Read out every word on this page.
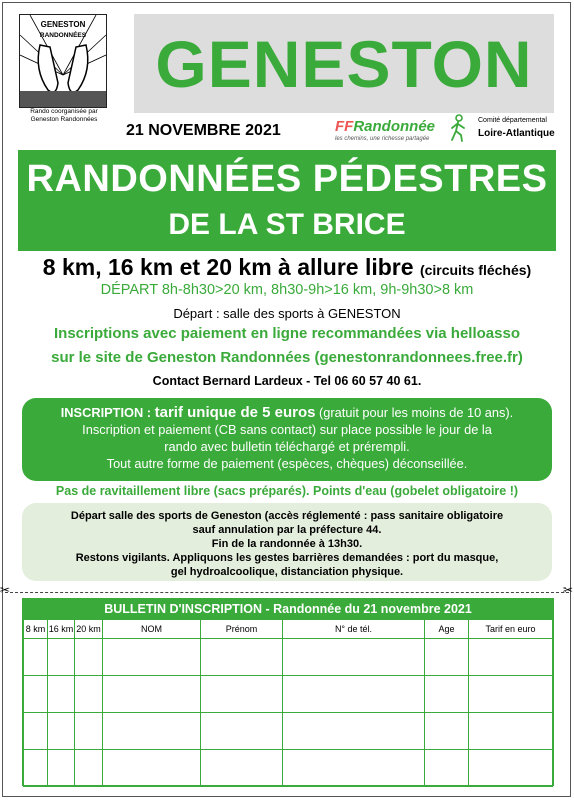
GENESTON
RANDONNÉES
Rando coorganisée par
Geneston Randonnées
GENESTON
21 NOVEMBRE 2021	FFRandonnée
les chemins, une richesse partagée
Comité départemental
Loire-Atlantique
RANDONNÉES PÉDESTRES
DE LA ST BRICE
8 km, 16 km et 20 km à allure libre (circuits fléchés)
DÉPART 8h-8h30>20 km, 8h30-9h>16 km, 9h-9h30>8 km
Départ : salle des sports à GENESTON
Inscriptions avec paiement en ligne recommandées via helloasso
sur le site de Geneston Randonnées (genestonrandonnees.free.fr)
Contact Bernard Lardeux - Tel 06 60 57 40 61.
INSCRIPTION : tarif unique de 5 euros (gratuit pour les moins de 10 ans).
Inscription et paiement (CB sans contact) sur place possible le jour de la
rando avec bulletin téléchargé et prérempli.
Tout autre forme de paiement (espèces, chèques) déconseillée.
Pas de ravitaillement libre (sacs préparés). Points d'eau (gobelet obligatoire !)
Départ salle des sports de Geneston (accès réglementé : pass sanitaire obligatoire
sauf annulation par la préfecture 44.
Fin de la randonnée à 13h30.
Restons vigilants. Appliquons les gestes barrières demandées : port du masque,
gel hydroalcoolique, distanciation physique.
✂	✂
BULLETIN D'INSCRIPTION - Randonnée du 21 novembre 2021
8 km	16 km	20 km	NOM	Prénom	N° de tél.	Age	Tarif en euro
